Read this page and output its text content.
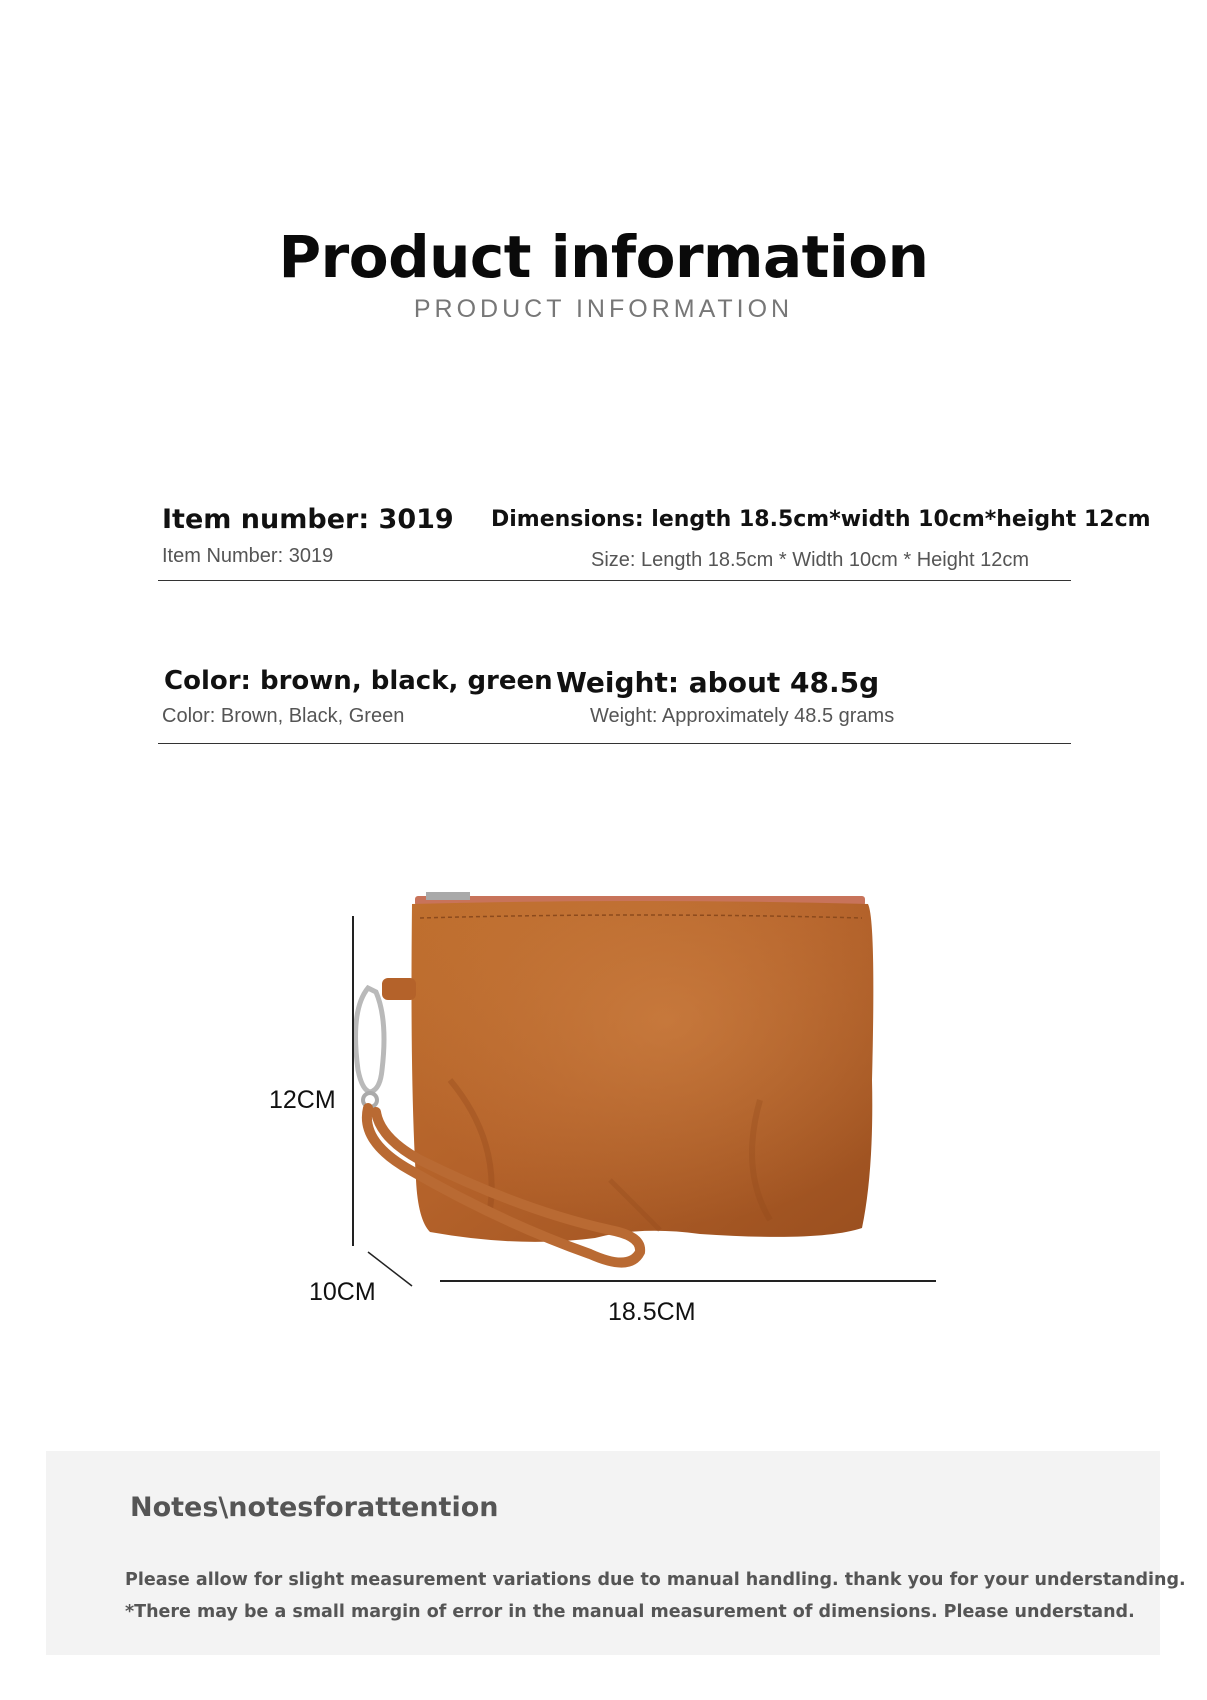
Product information
PRODUCT INFORMATION
Item number: 3019
Item Number: 3019
Dimensions: length 18.5cm*width 10cm*height 12cm
Size: Length 18.5cm * Width 10cm * Height 12cm
Color: brown, black, green
Color: Brown, Black, Green
Weight: about 48.5g
Weight: Approximately 48.5 grams
12CM
10CM
18.5CM
Notes\notesforattention
Please allow for slight measurement variations due to manual handling. thank you for your understanding.
*There may be a small margin of error in the manual measurement of dimensions. Please understand.
